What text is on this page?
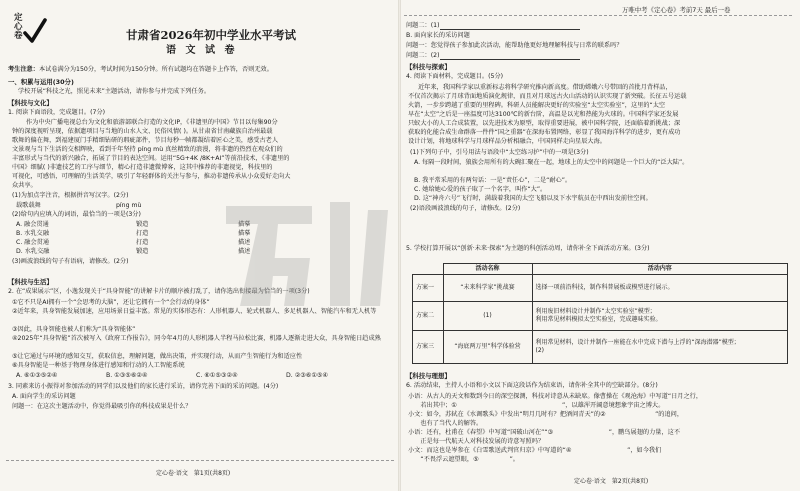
定
心
卷	甘肃省2026年初中学业水平考试
语 文 试 卷
考生注意：本试卷满分为150分，考试时间为150分钟。所有试题均在答题卡上作答，否则无效。
一、积累与运用(30分)
学校开展“科技之光，照见未来”主题活动，请你参与并完成下列任务。
【科技与文化】
1. 阅读下面语段，完成题目。(7分)
作为中央广播电视总台为文化和旅游部联合打造的文化IP，《非遗里的中国》节目以每集90分
钟的深度视听呈现，依据遗项目与当地的山水人文、民俗风情( )。从甘肃省甘南藏族自治州最载
歌舞的偏在舞，到福建厦门手精细钻研的瑕疵部件，节目每秒一帧都凝结着匠心之美，感受古老人
文景观与当下生活的交相辉映，看到千年坚持 píng mù 真丝精致的浪漫，将非遗的热烈在观众们的
丰富形式与当代的新兴融合，拓展了节目的表达空间。运用“5G+4K /8K+AI”等前沿技术，《非遗里的
中国》细腻( )非遗技艺的工序与细节，精心打造非遗微博客，这其中推荐的非遗视觉，科技里的
可视化，可感悟，可理解的生活美学，吸引了年轻群体的关注与参与，推动非遗传承从小众爱好走向大
众共享。
(1)为加点字注音，根据拼音写汉字。(2分)
载歌载舞	píng mù
(2)给句内应填入的词语，最恰当的一项是(3分)
A. 融会贯通	锻造	描摹
B. 水乳交融	打造	描摹
C. 融会贯通	打造	描述
D. 水乳交融	锻造	描述
(3)画波浪线的句子有语病，请修改。(2分)
【科技与生活】
2. 在“成果展示”区，小逸发现关于“具身智能”的讲解卡片的顺序被打乱了，请你选出衔接最为恰当的一项(3分)
①它不只是AI拥有一个“会思考的大脑”，还让它拥有一个“会行动的身体”
②近年来，具身智能发展加速，应用场景日益丰富。常见的实体形态有：人形机器人、轮式机器人、多足机器人、智能汽车和无人机等
③因此，具身智能也被人们称为“具身智能体”
④2025年“具身智能”首次被写入《政府工作报告》，同今年4月的人形机器人半程马拉松比赛，机器人逐渐走进大众，具身智能日趋成熟
⑤让它通过与环境的感知交互，获取信息，理解问题，做出决策，并实现行动，从而产生智能行为和适应性
⑥具身智能是一种基于物理身体进行感知和行动的人工智能系统
A. ⑥①③⑤②④	B. ①③⑤⑥②④	C. ⑥①⑤③②④	D. ②③⑥①⑤④
3. 同素来访小振得对参加活动的同学们以及他们的家长进行采访，请你完善下面的采访问题。(4分)
A. 面向学生的采访问题
问题一：在这次主题活动中，你觉得最吸引你的科技成果是什么？
定心卷·语文　第1页(共8页)
万唯中考《定心卷》考前7天 最后一卷
问题二：(1)
B. 面向家长的采访问题
问题一：您觉得孩子参加此次活动，能帮助他更好地理解科技与日常的联系吗？
问题二：(2)
【科技与探索】
4. 阅读下面材料，完成题目。(5分)
近年来，我国科学家以重新标志将科学研究推向新高度。借助嫦娥六号带回的首批月背样品，
不仅首次揭示了月球背面地质演化规律，而且对月球远古火山活动的认识实现了新突破。长征五号运载
火箭，一步步跨越了重要的里程碑。科研人员能解决更好的实验室“太空实验室”，这里的“太空
早在“太空”之后是一座温度可达3100℃的新台阶，高温是以光和热能为火球的。中国科学家还发展
只蚁大小的人工合成装置，以先进技术为原型，取得重要进展，被中国科学院，还面临着新挑战；深
获取的化能合成生命群落一件件“国之重器”在深海布置网络，彰显了我国海洋科学的进步，更有成功
设计计划，将地球科学与月球样品分析相融合，中国同样走向星辰大海。
(1)下列句子中，引号用法与语段中“太空练习护”中的一项是(3分)
A. 每隔一段时间，狼族会用所有的大碗汇聚在一起，地球上的太空中的问题是一个巨大的“泛大陆”。
B. 我平常采用的有两句话：一是“责任心”，二是“耐心”。
C. 她给她心爱的孩子取了一个名字，叫作“大”。
D. 这“神舟六号”飞行时，满载着我国的太空飞船以及下水宇航员在中西出发前往空间。
(2)语段画波浪线的句子，请修改。(2分)
5. 学校打算开展以“创新·未来·探索”为主题的科创活动周，请你补全下面活动方案。(3分)
	活动名称	活动内容
方案一	“未来科学家”挑战赛	选择一项前沿科技，制作科普展板或模型进行展示。
方案二	(1)	利用废旧材料设计并制作“太空实验室”模型；
利用常见材料模拟太空实验室，完成趣味实验。

方案三	“海底两万里”科学体验营	利用常见材料，设计并制作一座能在水中完成下潜与上浮的“深海潜器”模型；
(2)
【科技与理想】
6. 活动结束，主持人小语和小文以下面这段话作为结束语，请你补全其中的空缺部分。(8分)
小语：从古人的天文和数到今日的深空探测，科技对诗意从未缺席。像曹操在《观沧海》中写道“日月之行，
　　若出其中；①　　　　　　　　　　　　　　　　　”，以雄浑开阔意境想象宇宙之博大。
小文：如今，苏轼在《水调歌头》中发出“明月几时有？把酒问青天”的②　　　　　　　　”的追问，
　　也有了当代人的解答。
小语：还有，杜甫在《春望》中写道“国破山河在”“③　　　　　　　　　”，鹏鸟展翅的力量，这不
　　正是每一代航天人对科技发展的诗意写照吗？
小文：而这也是岑参在《白雪歌送武判官归京》中写道的“④　　　　　　　　　”，如今我们
　　“不畏浮云遮望眼，⑤　　　　　”。
定心卷·语文　第2页(共8页)
